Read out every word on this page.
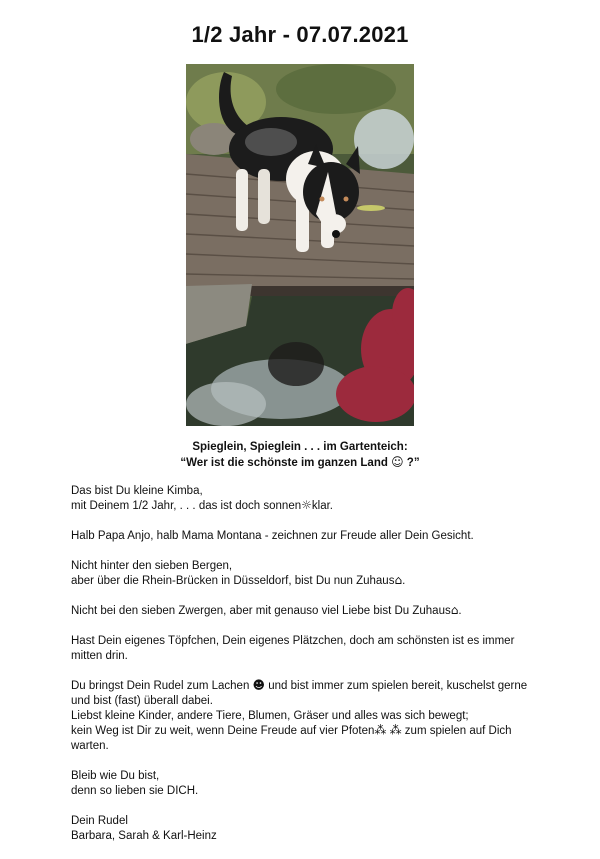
1/2 Jahr - 07.07.2021
Spieglein, Spieglein . . . im Gartenteich:
“Wer ist die schönste im ganzen Land ☺ ?”

Das bist Du kleine Kimba,
mit Deinem 1/2 Jahr, . . . das ist doch sonnen☼klar.

Halb Papa Anjo, halb Mama Montana - zeichnen zur Freude aller Dein Gesicht.

Nicht hinter den sieben Bergen,
aber über die Rhein-Brücken in Düsseldorf, bist Du nun Zuhaus⌂.

Nicht bei den sieben Zwergen, aber mit genauso viel Liebe bist Du Zuhaus⌂.

Hast Dein eigenes Töpfchen, Dein eigenes Plätzchen, doch am schönsten ist es immer mitten drin.

Du bringst Dein Rudel zum Lachen ☻ und bist immer zum spielen bereit, kuschelst gerne und bist (fast) überall dabei.
Liebst kleine Kinder, andere Tiere, Blumen, Gräser und alles was sich bewegt;
kein Weg ist Dir zu weit, wenn Deine Freude auf vier Pfoten⁂ ⁂ zum spielen auf Dich warten.

Bleib wie Du bist,
denn so lieben sie DICH.

Dein Rudel
Barbara, Sarah & Karl-Heinz
